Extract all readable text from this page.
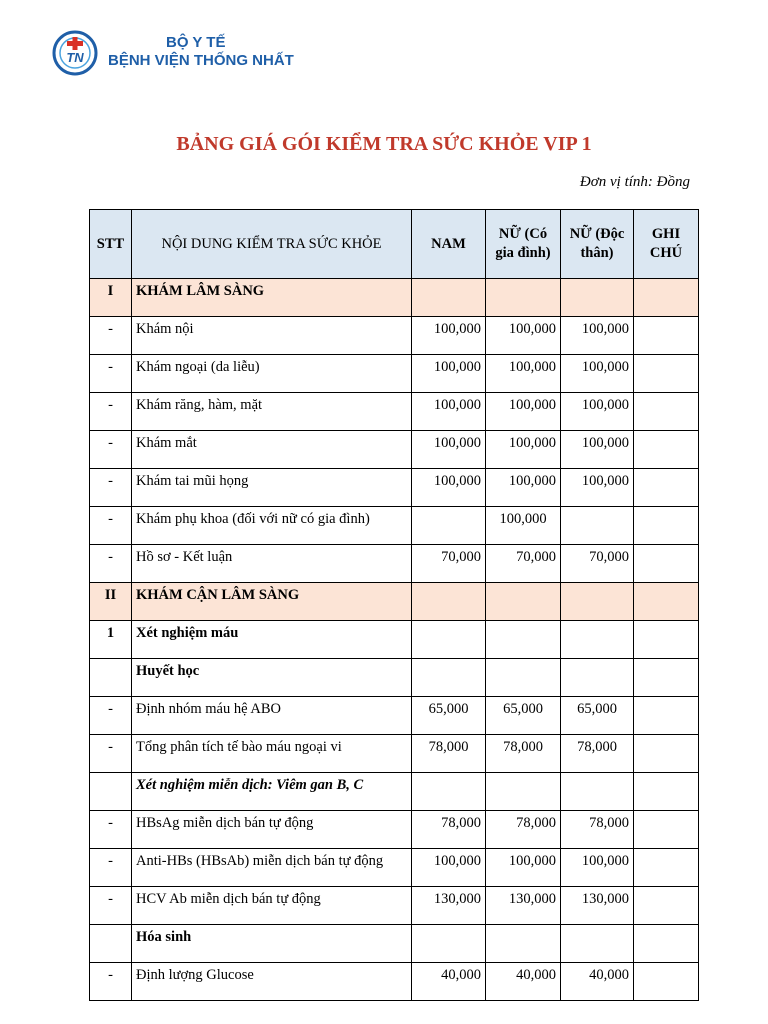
TN
BỘ Y TẾ
BỆNH VIỆN THỐNG NHẤT
BẢNG GIÁ GÓI KIỂM TRA SỨC KHỎE VIP 1
Đơn vị tính: Đồng
STT	NỘI DUNG KIỂM TRA SỨC KHỎE	NAM	NỮ (Có gia đình)	NỮ (Độc thân)	GHI CHÚ
I	KHÁM LÂM SÀNG				
-	Khám nội	100,000	100,000	100,000	
-	Khám ngoại (da liễu)	100,000	100,000	100,000	
-	Khám răng, hàm, mặt	100,000	100,000	100,000	
-	Khám mắt	100,000	100,000	100,000	
-	Khám tai mũi họng	100,000	100,000	100,000	
-	Khám phụ khoa (đối với nữ có gia đình)		100,000		
-	Hồ sơ - Kết luận	70,000	70,000	70,000	
II	KHÁM CẬN LÂM SÀNG				
1	Xét nghiệm máu				
	Huyết học				
-	Định nhóm máu hệ ABO	65,000	65,000	65,000	
-	Tổng phân tích tế bào máu ngoại vi	78,000	78,000	78,000	
	Xét nghiệm miễn dịch: Viêm gan B, C				
-	HBsAg miễn dịch bán tự động	78,000	78,000	78,000	
-	Anti-HBs (HBsAb) miễn dịch bán tự động	100,000	100,000	100,000	
-	HCV Ab miễn dịch bán tự động	130,000	130,000	130,000	
	Hóa sinh				
-	Định lượng Glucose	40,000	40,000	40,000	
